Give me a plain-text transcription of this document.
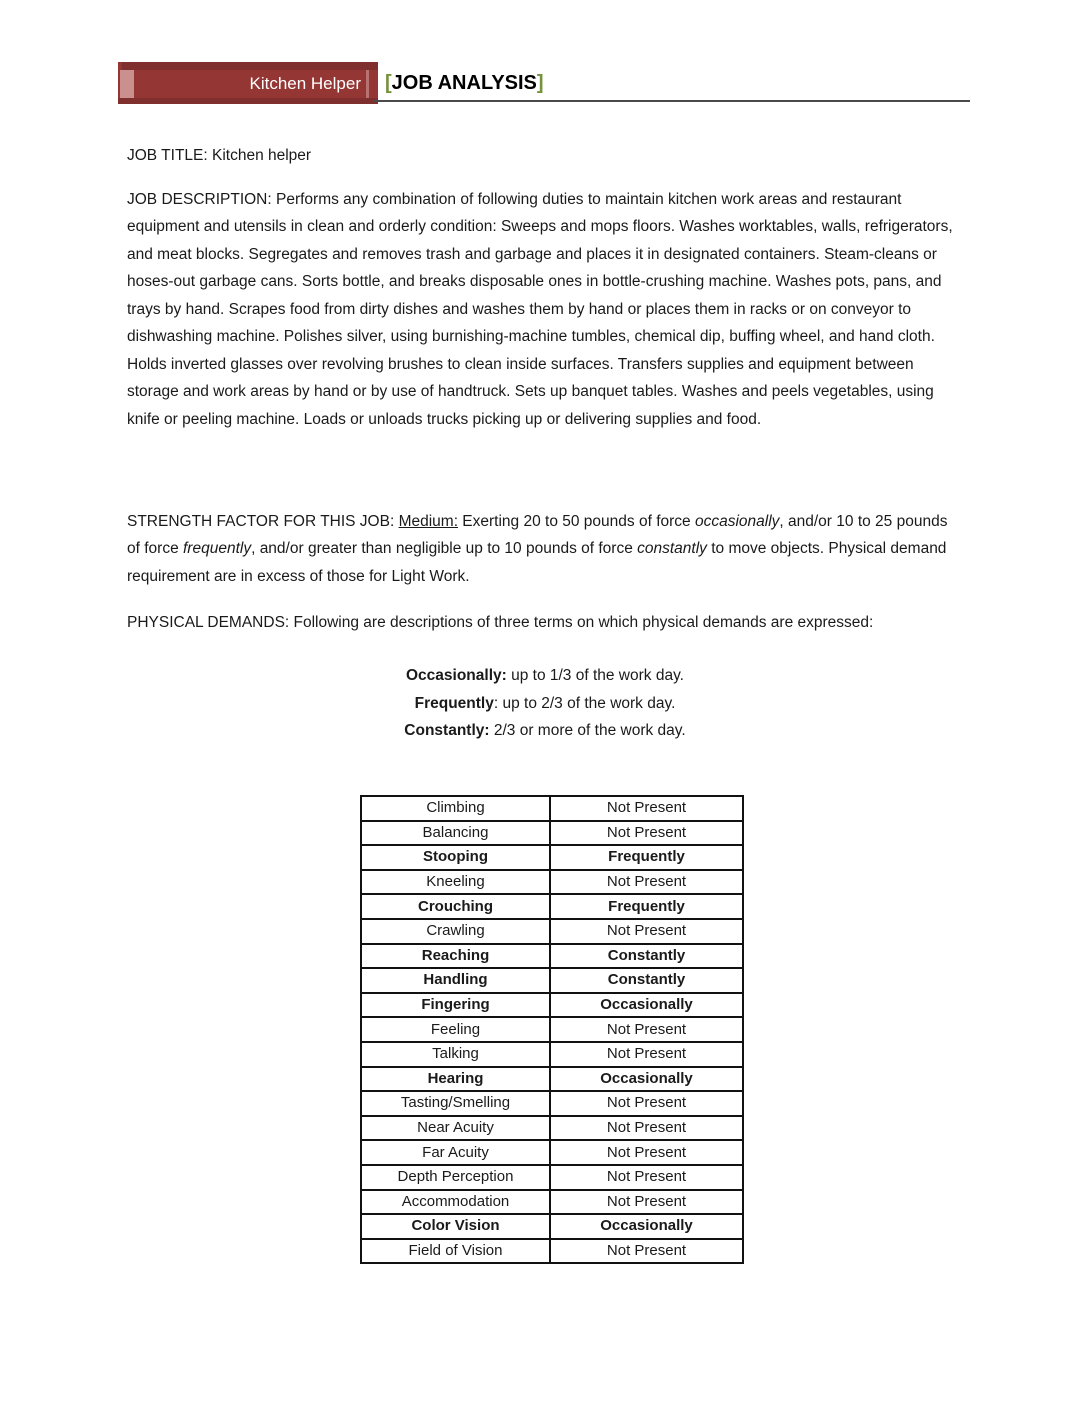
Kitchen Helper [JOB ANALYSIS]

JOB TITLE: Kitchen helper

JOB DESCRIPTION: Performs any combination of following duties to maintain kitchen work areas and restaurant equipment and utensils in clean and orderly condition: Sweeps and mops floors. Washes worktables, walls, refrigerators, and meat blocks. Segregates and removes trash and garbage and places it in designated containers. Steam-cleans or hoses-out garbage cans. Sorts bottle, and breaks disposable ones in bottle-crushing machine. Washes pots, pans, and trays by hand. Scrapes food from dirty dishes and washes them by hand or places them in racks or on conveyor to dishwashing machine. Polishes silver, using burnishing-machine tumbles, chemical dip, buffing wheel, and hand cloth. Holds inverted glasses over revolving brushes to clean inside surfaces. Transfers supplies and equipment between storage and work areas by hand or by use of handtruck. Sets up banquet tables. Washes and peels vegetables, using knife or peeling machine. Loads or unloads trucks picking up or delivering supplies and food.

STRENGTH FACTOR FOR THIS JOB: Medium: Exerting 20 to 50 pounds of force occasionally, and/or 10 to 25 pounds of force frequently, and/or greater than negligible up to 10 pounds of force constantly to move objects. Physical demand requirement are in excess of those for Light Work.

PHYSICAL DEMANDS: Following are descriptions of three terms on which physical demands are expressed:

Occasionally: up to 1/3 of the work day.
Frequently: up to 2/3 of the work day.
Constantly: 2/3 or more of the work day.
Climbing	Not Present
Balancing	Not Present
Stooping	Frequently
Kneeling	Not Present
Crouching	Frequently
Crawling	Not Present
Reaching	Constantly
Handling	Constantly
Fingering	Occasionally
Feeling	Not Present
Talking	Not Present
Hearing	Occasionally
Tasting/Smelling	Not Present
Near Acuity	Not Present
Far Acuity	Not Present
Depth Perception	Not Present
Accommodation	Not Present
Color Vision	Occasionally
Field of Vision	Not Present
